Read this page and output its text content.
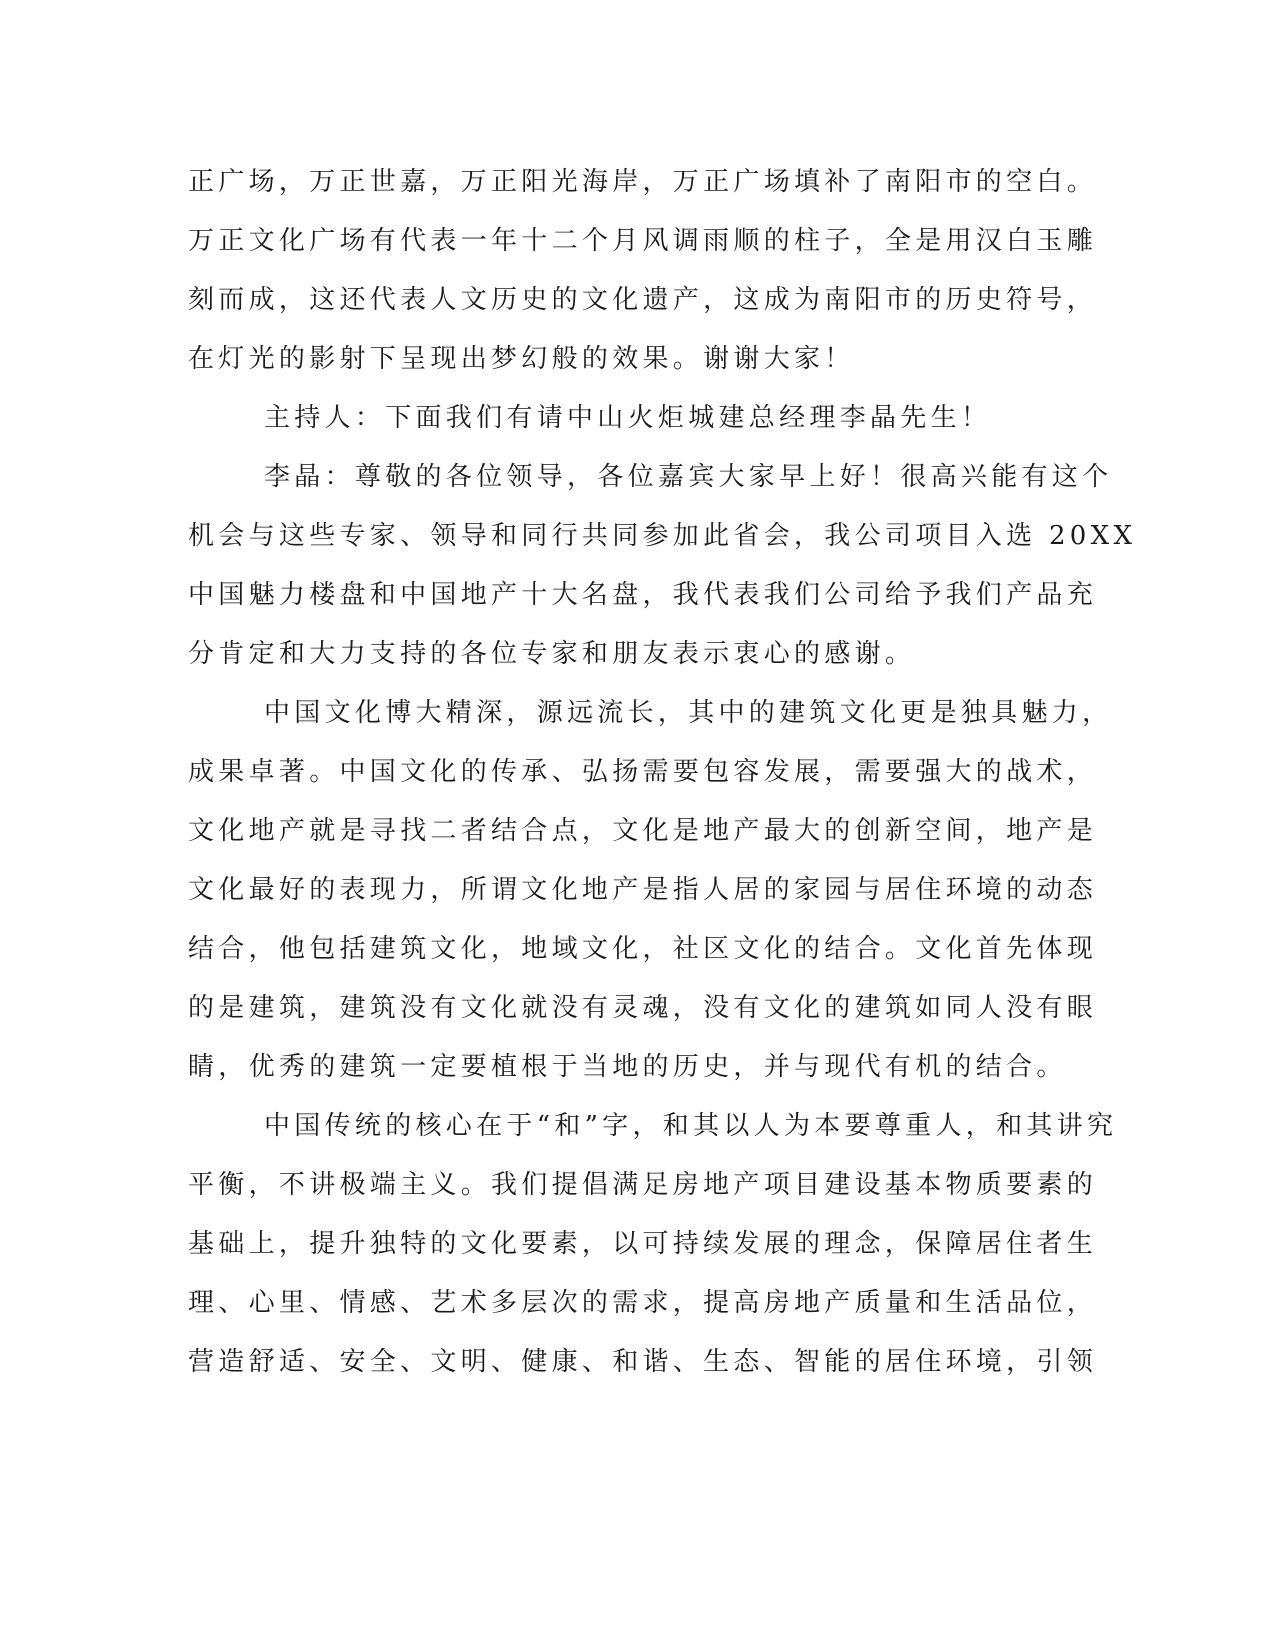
正广场，万正世嘉，万正阳光海岸，万正广场填补了南阳市的空白。
万正文化广场有代表一年十二个月风调雨顺的柱子，全是用汉白玉雕
刻而成，这还代表人文历史的文化遗产，这成为南阳市的历史符号，
在灯光的影射下呈现出梦幻般的效果。谢谢大家！
主持人：下面我们有请中山火炬城建总经理李晶先生！
李晶：尊敬的各位领导，各位嘉宾大家早上好！很高兴能有这个
机会与这些专家、领导和同行共同参加此省会，我公司项目入选 20XX
中国魅力楼盘和中国地产十大名盘，我代表我们公司给予我们产品充
分肯定和大力支持的各位专家和朋友表示衷心的感谢。
中国文化博大精深，源远流长，其中的建筑文化更是独具魅力，
成果卓著。中国文化的传承、弘扬需要包容发展，需要强大的战术，
文化地产就是寻找二者结合点，文化是地产最大的创新空间，地产是
文化最好的表现力，所谓文化地产是指人居的家园与居住环境的动态
结合，他包括建筑文化，地域文化，社区文化的结合。文化首先体现
的是建筑，建筑没有文化就没有灵魂，没有文化的建筑如同人没有眼
睛，优秀的建筑一定要植根于当地的历史，并与现代有机的结合。
中国传统的核心在于“和”字，和其以人为本要尊重人，和其讲究
平衡，不讲极端主义。我们提倡满足房地产项目建设基本物质要素的
基础上，提升独特的文化要素，以可持续发展的理念，保障居住者生
理、心里、情感、艺术多层次的需求，提高房地产质量和生活品位，
营造舒适、安全、文明、健康、和谐、生态、智能的居住环境，引领
